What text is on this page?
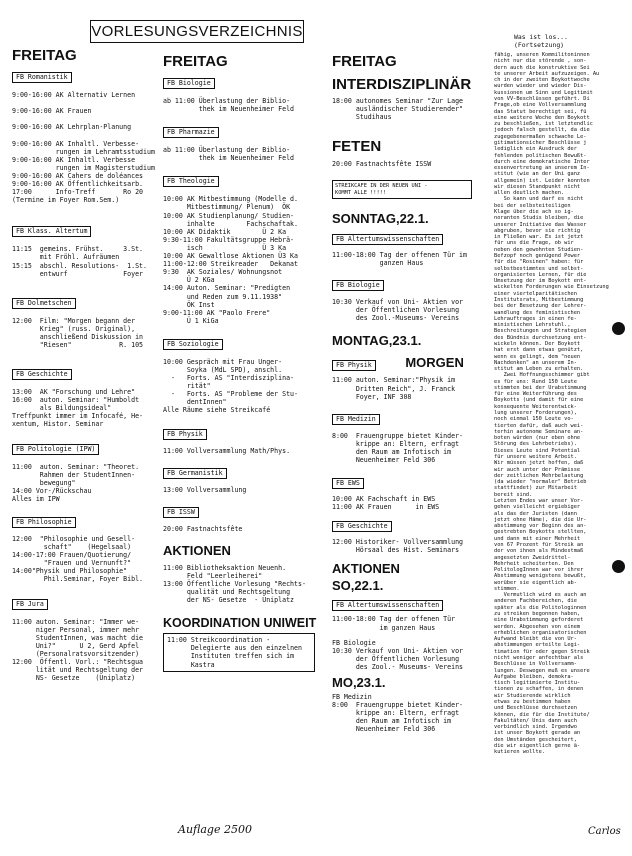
VORLESUNGSVERZEICHNIS
FREITAG
FB Romanistik
9:00-16:00 AK Alternativ Lernen

9:00-16:00 AK Frauen

9:00-16:00 AK Lehrplan-Planung

9:00-16:00 AK Inhaltl. Verbesse-
rungen im Lehramtsstudium
9:00-16:00 AK Inhaltl. Verbesse
rungen im Magisterstudium
9:00-16:00 AK Cahers de doléances
9:00-16:00 AK Öffentlichkeitsarb.
17:00      Info-Treff       Ro 20
(Termine im Foyer Rom.Sem.)
FB Klass. Altertum
11:15  gemeins. Frühst.     3.St.
mit Fröhl. Aufräumen
15:15  abschl. Resolutions-  1.St.
entwurf              Foyer
FB Dolmetschen
12:00  Film: "Morgen begann der
Krieg" (russ. Original),
anschließend Diskussion in
"Riesen"            R. 105
FB Geschichte
13:00  AK "Forschung und Lehre"
16:00  auton. Seminar: "Humboldt
als Bildungsideal"
Treffpunkt immer im Infocafé, He-
xentum, Histor. Seminar
FB Politologie (IPW)
11:00  auton. Seminar: "Theoret.
Rahmen der StudentInnen-
bewegung"
14:00 Vor-/Rückschau
Alles im IPW
FB Philosophie
12:00  "Philosophie und Gesell-
schaft"    (Hegelsaal)
14:00-17:00 Frauen/Quotierung/
"Frauen und Vernunft?"
14:00"Physik und Philosophie"
Phil.Seminar, Foyer Bibl.
FB Jura
11:00 auton. Seminar: "Immer we-
niger Personal, immer mehr
StudentInnen, was macht die
Uni?"      U 2, Gerd Apfel
(Personalratsvorsitzender)
12:00  Öffentl. Vorl.: "Rechtsgua
lität und Rechtsgeltung der
NS- Gesetze    (Uniplatz)
FREITAG
FB Biologie
ab 11:00 Überlastung der Biblio-
thek im Neuenheimer Feld
FB Pharmazie
ab 11:00 Überlastung der Biblio-
thek im Neuenheimer Feld
FB Theologie
10:00 AK Mitbestimmung (Modelle d.
Mitbestimmung/ Plenum)  ÖK
10:00 AK Studienplanung/ Studien-
inhalte        Fachschaftak.
10:00 AK Didaktik        Ü 2 Ka
9:30-11:00 Fakultätsgruppe Hebrä-
isch               Ü 3 Ka
10:00 AK Gewaltlose Aktionen Ü3 Ka
11:00-12:00 Streikreader   Dekanat
9:30  AK Soziales/ Wohnungsnot
Ü 2 KGa
14:00 Auton. Seminar: "Predigten
und Reden zum 9.11.1938"
ÖK Inst
9:00-11:00 AK "Paolo Frere"
Ü 1 KiGa
FB Soziologie
10:00 Gespräch mit Frau Unger-
Soyka (MdL SPD), anschl.
-   Forts. AS "Interdisziplina-
rität"
-   Forts. AS "Probleme der Stu-
dentInnen"
Alle Räume siehe Streikcafé
FB Physik
11:00 Vollversammlung Math/Phys.
FB Germanistik
13:00 Vollversammlung
FB ISSW
20:00 Fastnachtsfête
AKTIONEN
11:00 Bibliotheksaktion Neuenh.
Feld "Leerleiherei"
13:00 Öffentliche Vorlesung "Rechts-
qualität und Rechtsgeltung
der NS- Gesetze  - Uniplatz
KOORDINATION UNIWEIT
11:00 Streikcoordination -
Delegierte aus den einzelnen
Instituten treffen sich im
Kastra
Auflage 2500
FREITAG
INTERDISZIPLINÄR
18:00 autonomes Seminar "Zur Lage
ausländischer Studierender"
Studihaus
FETEN
20:00 Fastnachtsfête ISSW
STREIKCAFE IN DER NEUEN UNI -
KOMMT ALLE !!!!!
SONNTAG,22.1.
FB Altertumswissenschaften
11:00-18:00 Tag der offenen Tür im
ganzen Haus
FB Biologie
10:30 Verkauf von Uni- Aktien vor
der Öffentlichen Vorlesung
des Zool.-Museums- Vereins
MONTAG,23.1.
FB Physik	MORGEN
11:00 auton. Seminar:"Physik im
Dritten Reich", J. Franck
Foyer, INF 308
FB Medizin
8:00  Frauengruppe bietet Kinder-
krippe an: Eltern, erfragt
den Raum am Infotisch im
Neuenheimer Feld 306
FB EWS
10:00 AK Fachschaft in EWS
11:00 AK Frauen      in EWS
FB Geschichte
12:00 Historiker- Vollversammlung
Hörsaal des Hist. Seminars
AKTIONEN
SO,22.1.
FB Altertumswissenschaften
11:00-18:00 Tag der offenen Tür
im ganzen Haus
FB Biologie
10:30 Verkauf von Uni- Aktien vor
der Öffentlichen Vorlesung
des Zool.- Museums- Vereins
MO,23.1.
FB Medizin
8:00  Frauengruppe bietet Kinder-
krippe an: Eltern, erfragt
den Raum am Infotisch im
Neuenheimer Feld 306
Was ist los...
(Fortsetzung)
fähig, unseren Kommilitoninnen
nicht nur die störende , son-
dern auch die konstruktive Sei
te unserer Arbeit aufzuzeigen. Au
ch in der zweiten Boykottwoche
wurden wieder und wieder Dis-
kussionen um Sinn und Legitimit
von VV-Beschlüssen geführt. Di
Frage,ob eine Vollversammlung
das Statut berechtigt sei, fü
eine weitere Woche den Boykott
zu beschließen, ist letztendlic
jedoch falsch gestellt, da die
zugegebenermaßen schwache Le-
gitimationsicher Beschlüsse j
lediglich ein Ausdruck der
fehlenden politischen Bewußt-
durch eine demokratische Inter
essenvertretung an unserem In-
stitut (wie an der Uni ganz
allgemein) ist. Leider konnten
wir diesen Standpunkt nicht
allen deutlich machen.
So kann und darf es nicht
bei der selbsteiteiligen
Klage über die ach so ig-
noranten Studis bleiben, die
unserer Initiative das Wasser
abgruben, bevor sie richtig
in Fließen war. Es ist jetzt
für uns die Frage, ob wir
neben den gewohnten Studien-
Befzopf noch genügend Power
für die "Rosinen" haben: für
selbstbestimmtes und selbst-
organisiertes Lernen, für die
Umsetzung der im Boykott ent-
wickelten Forderungen wie Einsetzung
einer viertelparitätischen
Institutsrats, Mitbestimmung
bei der Besetzung der Lehrer-
wandlung des feministischen
Lehrauftrages in einen fe-
ministischen Lehrstuhl.,
Beschreitungen und Strategien
des Bündnis durchsetzung ent-
wickeln können. Der Boykott
hat erst dann etwas genützt,
wenn es gelingt, dem "neuen
Nachdenken" an unserem In-
stitut am Leben zu erhalten.
Zwei Hoffnungsschimmer gibt
es für uns: Rund 150 Leute
stimmten bei der Urabstimmung
für eine Weiterführung des
Boykotts (und damit für eine
konsequente Weiterentwick-
lung unserer Forderungen),
noch einmal 150 Leute vo-
tierten dafür, daß auch wei-
terhin autonome Seminare an-
boten würden (nur eben ohne
Störung des Lehrbetriebs).
Dieses Leute sind Potential
für unsere weitere Arbeit.
Wir müssen jetzt hoffen, daß
wir auch unter der Prämisse
der zeitlichen Mehrbelastung
(da wieder "normaler" Betrieb
stattfindet) zur Mitarbeit
bereit sind.
Letzten Endes war unser Vor-
gehen vielleicht ergiebiger
als das der Juristen (dann
jetzt ohne Häme), die die Ur-
abstimmung vor Beginn des an-
gestrebten Boykotts stellten,
und dann mit einer Mehrheit
von 67 Prozent für Streik an
der von ihnen als Mindestmaß
angesetzten Zweidrittel-
Mehrheit scheiterten. Den
PolitologInnen war vor ihrer
Abstimmung wenigstens bewußt,
worüber sie eigentlich ab-
stimmen.
Vermutlich wird es auch an
anderen Fachbereichen, die
später als die Politologinnen
zu streiken begonnen haben,
eine Urabstimmung geforderet
werden. Abgesehen von einem
erheblichen organisatorischen
Aufwand bleibt die von Ur-
abstimmungen erteilte Legi-
timation für oder gegen Streik
nicht weniger anfechtbar als
Beschlüsse in Vollversamm-
lungen. Deswegen muß es unsere
Aufgabe bleiben, demokra-
tisch legitimierte Institu-
tionen zu schaffen, in denen
wir Studierende wirklich
etwas zu bestimmen haben
und Beschlüsse durchsetzen
können, die für die Institute/
Fakultäten/ Unis dann auch
verbindlich sind. Irgendwo
ist unser Boykott gerade an
den Umständen gescheitert,
die wir eigentlich gerne ä-
kutieren wollte.
Carlos
